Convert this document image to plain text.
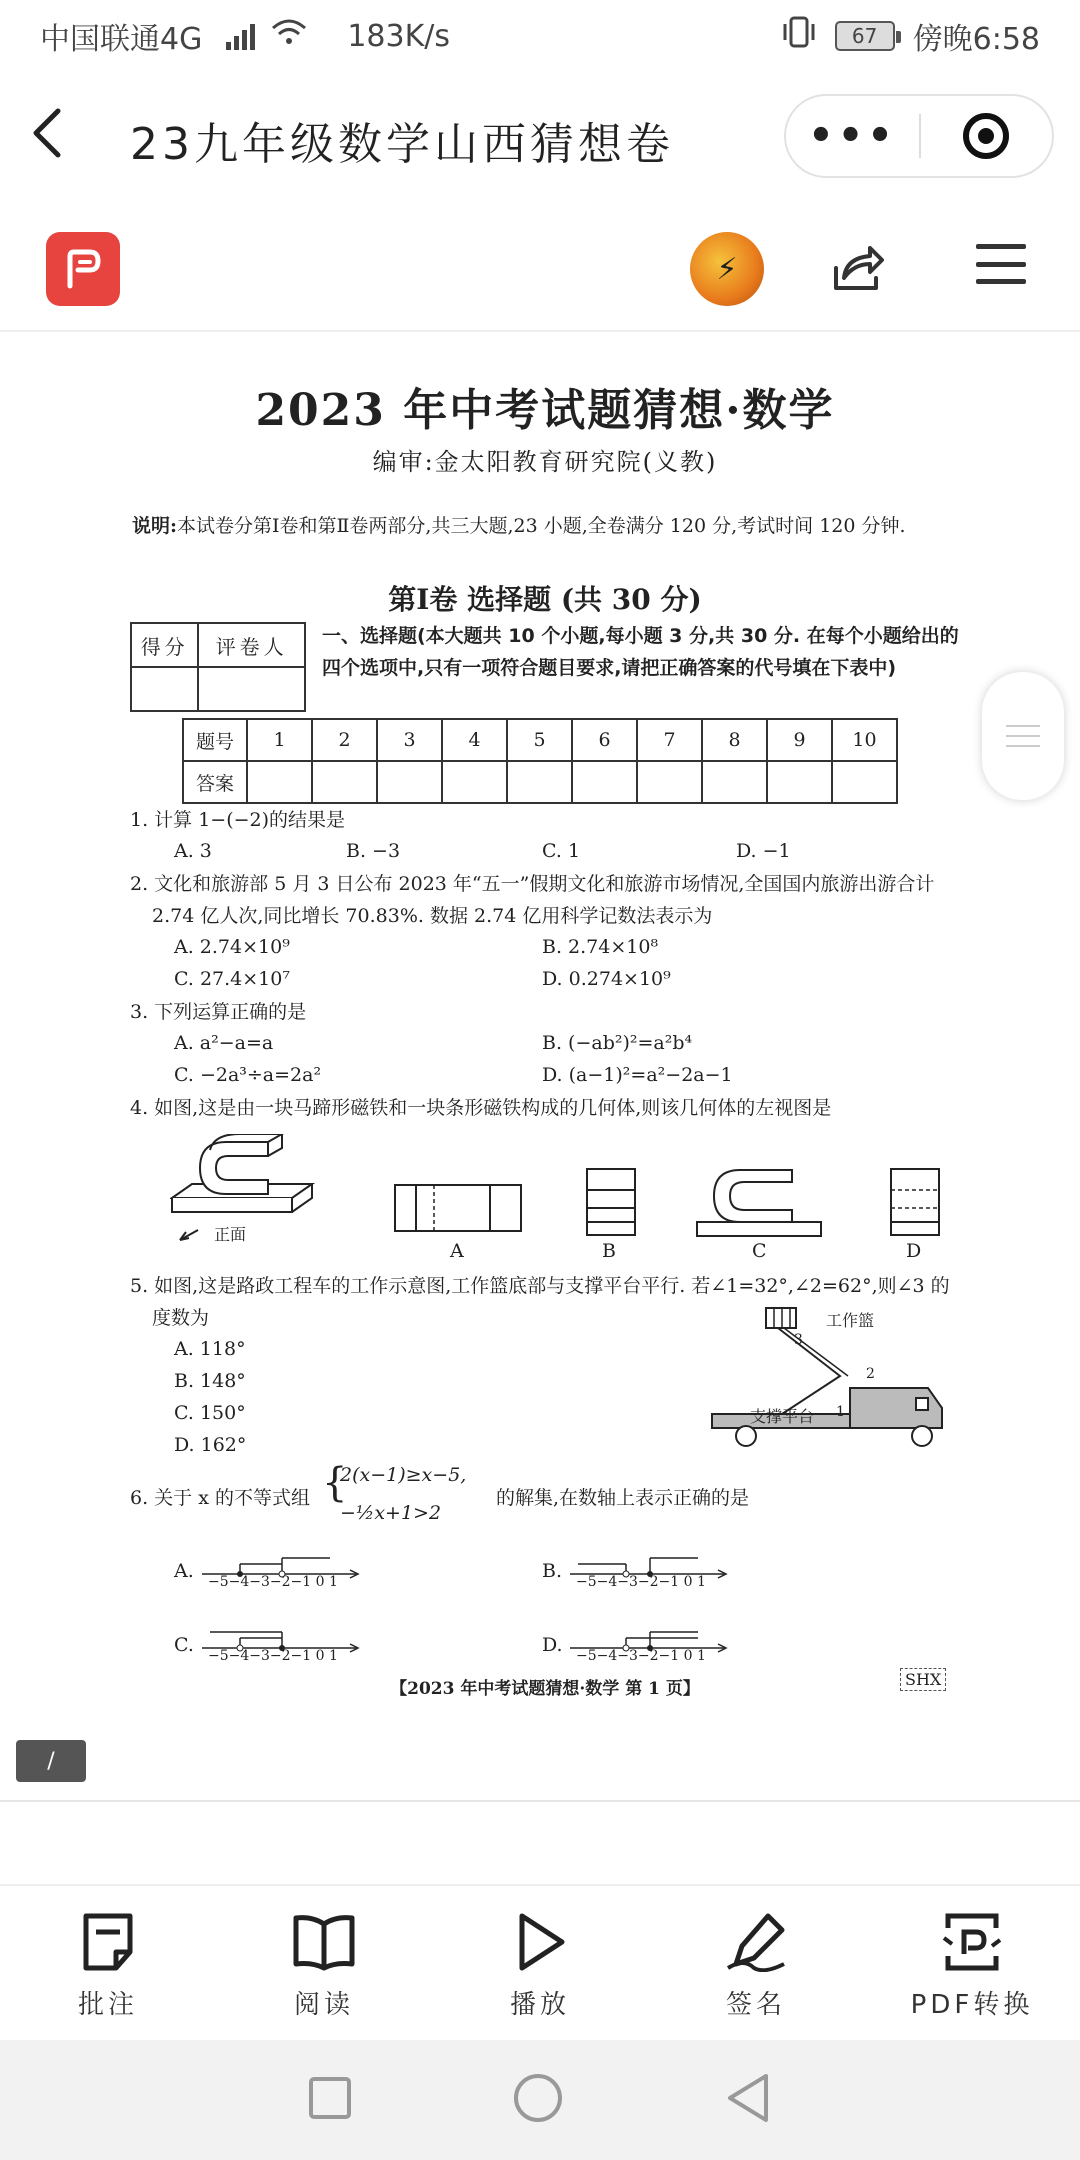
中国联通4G	183K/s	67	傍晚6:58
23九年级数学山西猜想卷	•••
⚡
2023 年中考试题猜想·数学
编审:金太阳教育研究院(义教)
说明:本试卷分第Ⅰ卷和第Ⅱ卷两部分,共三大题,23 小题,全卷满分 120 分,考试时间 120 分钟.
第Ⅰ卷 选择题 (共 30 分)
得分	评卷人	一、选择题(本大题共 10 个小题,每小题 3 分,共 30 分. 在每个小题给出的四个选项中,只有一项符合题目要求,请把正确答案的代号填在下表中)
题号	1	2	3	4	5	6	7	8	9	10
答案										
1. 计算 1−(−2)的结果是
A. 3	B. −3	C. 1	D. −1
2. 文化和旅游部 5 月 3 日公布 2023 年“五一”假期文化和旅游市场情况,全国国内旅游出游合计 2.74 亿人次,同比增长 70.83%. 数据 2.74 亿用科学记数法表示为
A. 2.74×10⁹	B. 2.74×10⁸
C. 27.4×10⁷	D. 0.274×10⁹
3. 下列运算正确的是
A. a²−a=a	B. (−ab²)²=a²b⁴
C. −2a³÷a=2a²	D. (a−1)²=a²−2a−1
4. 如图,这是由一块马蹄形磁铁和一块条形磁铁构成的几何体,则该几何体的左视图是
正面
A	B	C	D
5. 如图,这是路政工程车的工作示意图,工作篮底部与支撑平台平行. 若∠1=32°,∠2=62°,则∠3 的度数为
A. 118°
B. 148°
C. 150°
D. 162°
工作篮
支撑平台
3
2
1
6. 关于 x 的不等式组 {
2(x−1)≥x−5,
−½x+1>2
的解集,在数轴上表示正确的是
A. −5−4−3−2−1 0 1	B. −5−4−3−2−1 0 1
C. −5−4−3−2−1 0 1	D. −5−4−3−2−1 0 1
【2023 年中考试题猜想·数学 第 1 页】	SHX
/
批注	阅读	播放	签名	PDF转换
